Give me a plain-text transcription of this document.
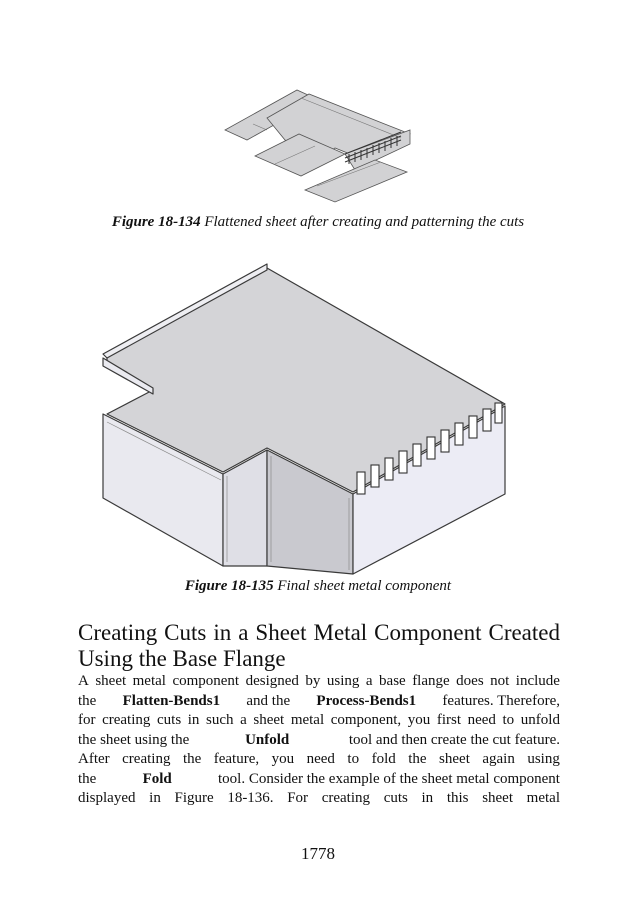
Figure 18-134 Flattened sheet after creating and patterning the cuts
Figure 18-135 Final sheet metal component
Creating Cuts in a Sheet Metal Component Created Using the Base Flange
A sheet metal component designed by using a base flange does not include
the Flatten-Bends1 and the Process-Bends1 features. Therefore,
for creating cuts in such a sheet metal component, you first need to unfold
the sheet using the	Unfold	tool and then create the cut feature.
After creating the feature, you need to fold the sheet again using
the	Fold	tool. Consider the example of the sheet metal component
displayed in Figure 18-136. For creating cuts in this sheet metal
1778
